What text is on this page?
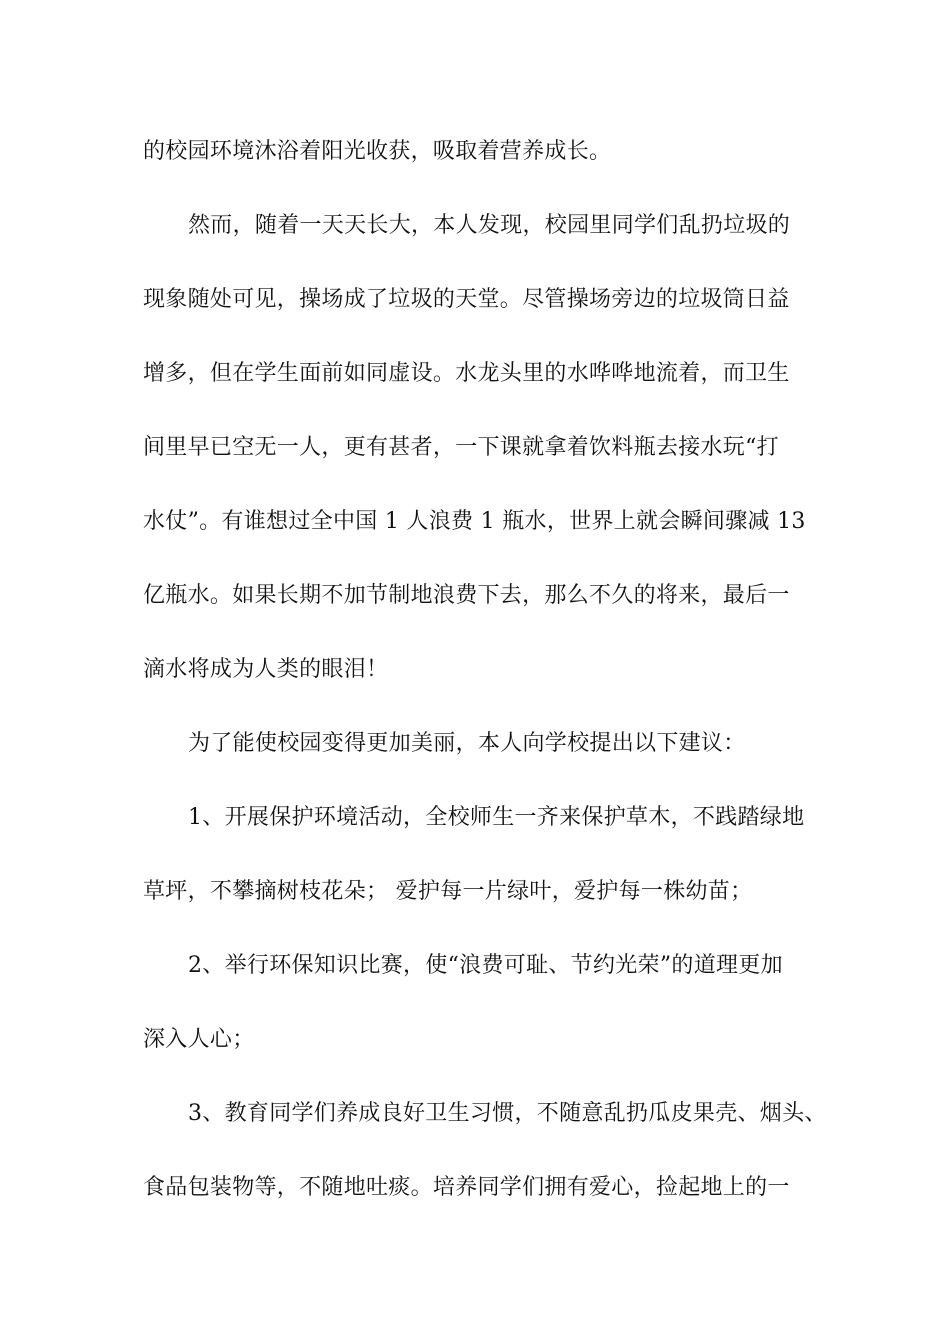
的校园环境沐浴着阳光收获，吸取着营养成长。
然而，随着一天天长大，本人发现，校园里同学们乱扔垃圾的
现象随处可见，操场成了垃圾的天堂。尽管操场旁边的垃圾筒日益
增多，但在学生面前如同虚设。水龙头里的水哗哗地流着，而卫生
间里早已空无一人，更有甚者，一下课就拿着饮料瓶去接水玩“打
水仗”。有谁想过全中国 1 人浪费 1 瓶水，世界上就会瞬间骤减 13
亿瓶水。如果长期不加节制地浪费下去，那么不久的将来，最后一
滴水将成为人类的眼泪！
为了能使校园变得更加美丽，本人向学校提出以下建议：
1、开展保护环境活动，全校师生一齐来保护草木，不践踏绿地
草坪，不攀摘树枝花朵； 爱护每一片绿叶，爱护每一株幼苗；
2、举行环保知识比赛，使“浪费可耻、节约光荣”的道理更加
深入人心；
3、教育同学们养成良好卫生习惯，不随意乱扔瓜皮果壳、烟头、
食品包装物等，不随地吐痰。培养同学们拥有爱心，捡起地上的一
